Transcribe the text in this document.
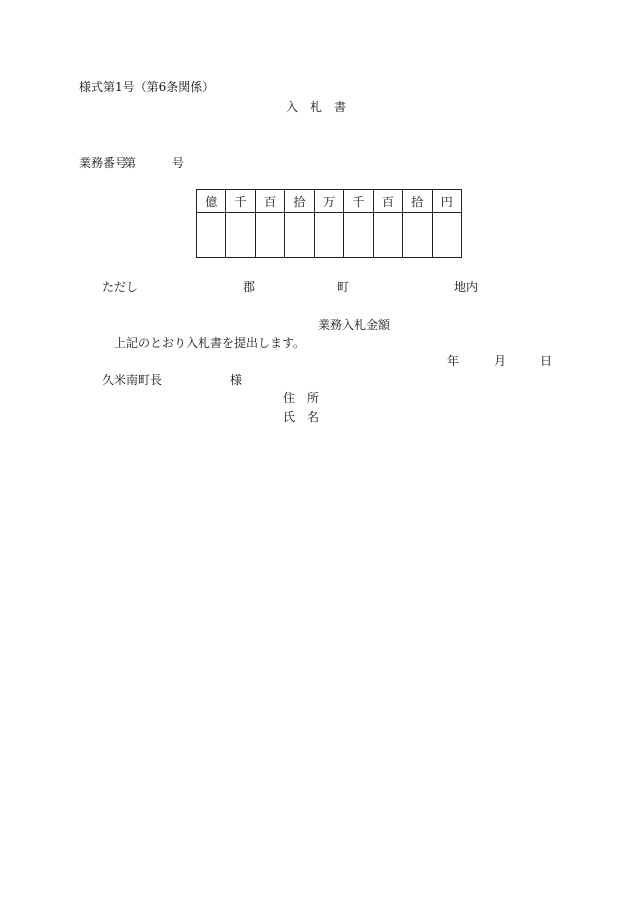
様式第1号（第6条関係）
入　札　書
業務番号
第	号
億	千	百	拾	万	千	百	拾	円

ただし	郡	町	地内
業務入札金額
上記のとおり入札書を提出します。
年	月	日
久米南町長	様
住　所
氏　名
